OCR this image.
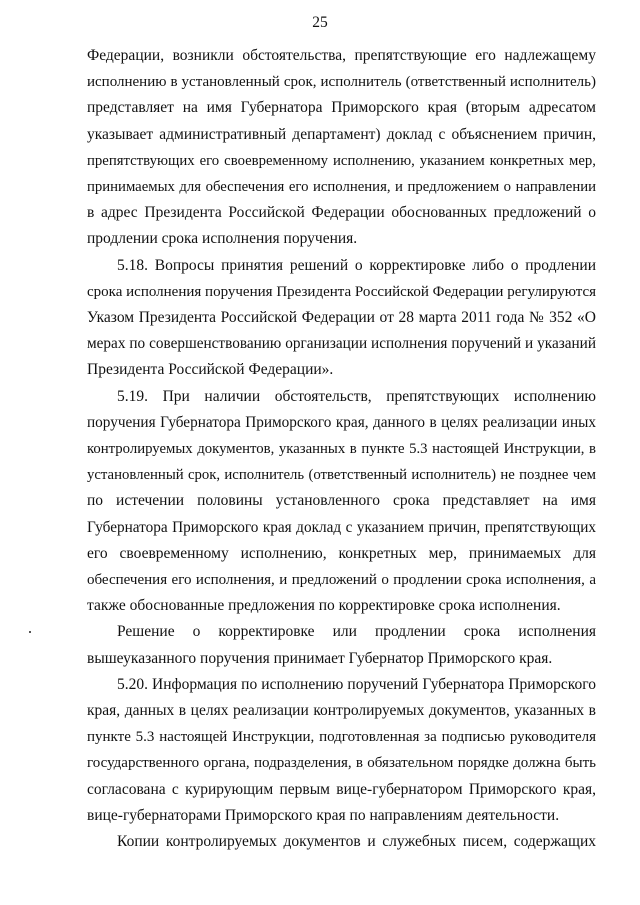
25
Федерации, возникли обстоятельства, препятствующие его надлежащему
исполнению в установленный срок, исполнитель (ответственный исполнитель)
представляет на имя Губернатора Приморского края (вторым адресатом
указывает административный департамент) доклад с объяснением причин,
препятствующих его своевременному исполнению, указанием конкретных мер,
принимаемых для обеспечения его исполнения, и предложением о направлении
в адрес Президента Российской Федерации обоснованных предложений о
продлении срока исполнения поручения.
5.18. Вопросы принятия решений о корректировке либо о продлении
срока исполнения поручения Президента Российской Федерации регулируются
Указом Президента Российской Федерации от 28 марта 2011 года № 352 «О
мерах по совершенствованию организации исполнения поручений и указаний
Президента Российской Федерации».
5.19. При наличии обстоятельств, препятствующих исполнению
поручения Губернатора Приморского края, данного в целях реализации иных
контролируемых документов, указанных в пункте 5.3 настоящей Инструкции, в
установленный срок, исполнитель (ответственный исполнитель) не позднее чем
по истечении половины установленного срока представляет на имя
Губернатора Приморского края доклад с указанием причин, препятствующих
его своевременному исполнению, конкретных мер, принимаемых для
обеспечения его исполнения, и предложений о продлении срока исполнения, а
также обоснованные предложения по корректировке срока исполнения.
Решение о корректировке или продлении срока исполнения
вышеуказанного поручения принимает Губернатор Приморского края.
5.20. Информация по исполнению поручений Губернатора Приморского
края, данных в целях реализации контролируемых документов, указанных в
пункте 5.3 настоящей Инструкции, подготовленная за подписью руководителя
государственного органа, подразделения, в обязательном порядке должна быть
согласована с курирующим первым вице-губернатором Приморского края,
вице-губернаторами Приморского края по направлениям деятельности.
Копии контролируемых документов и служебных писем, содержащих
